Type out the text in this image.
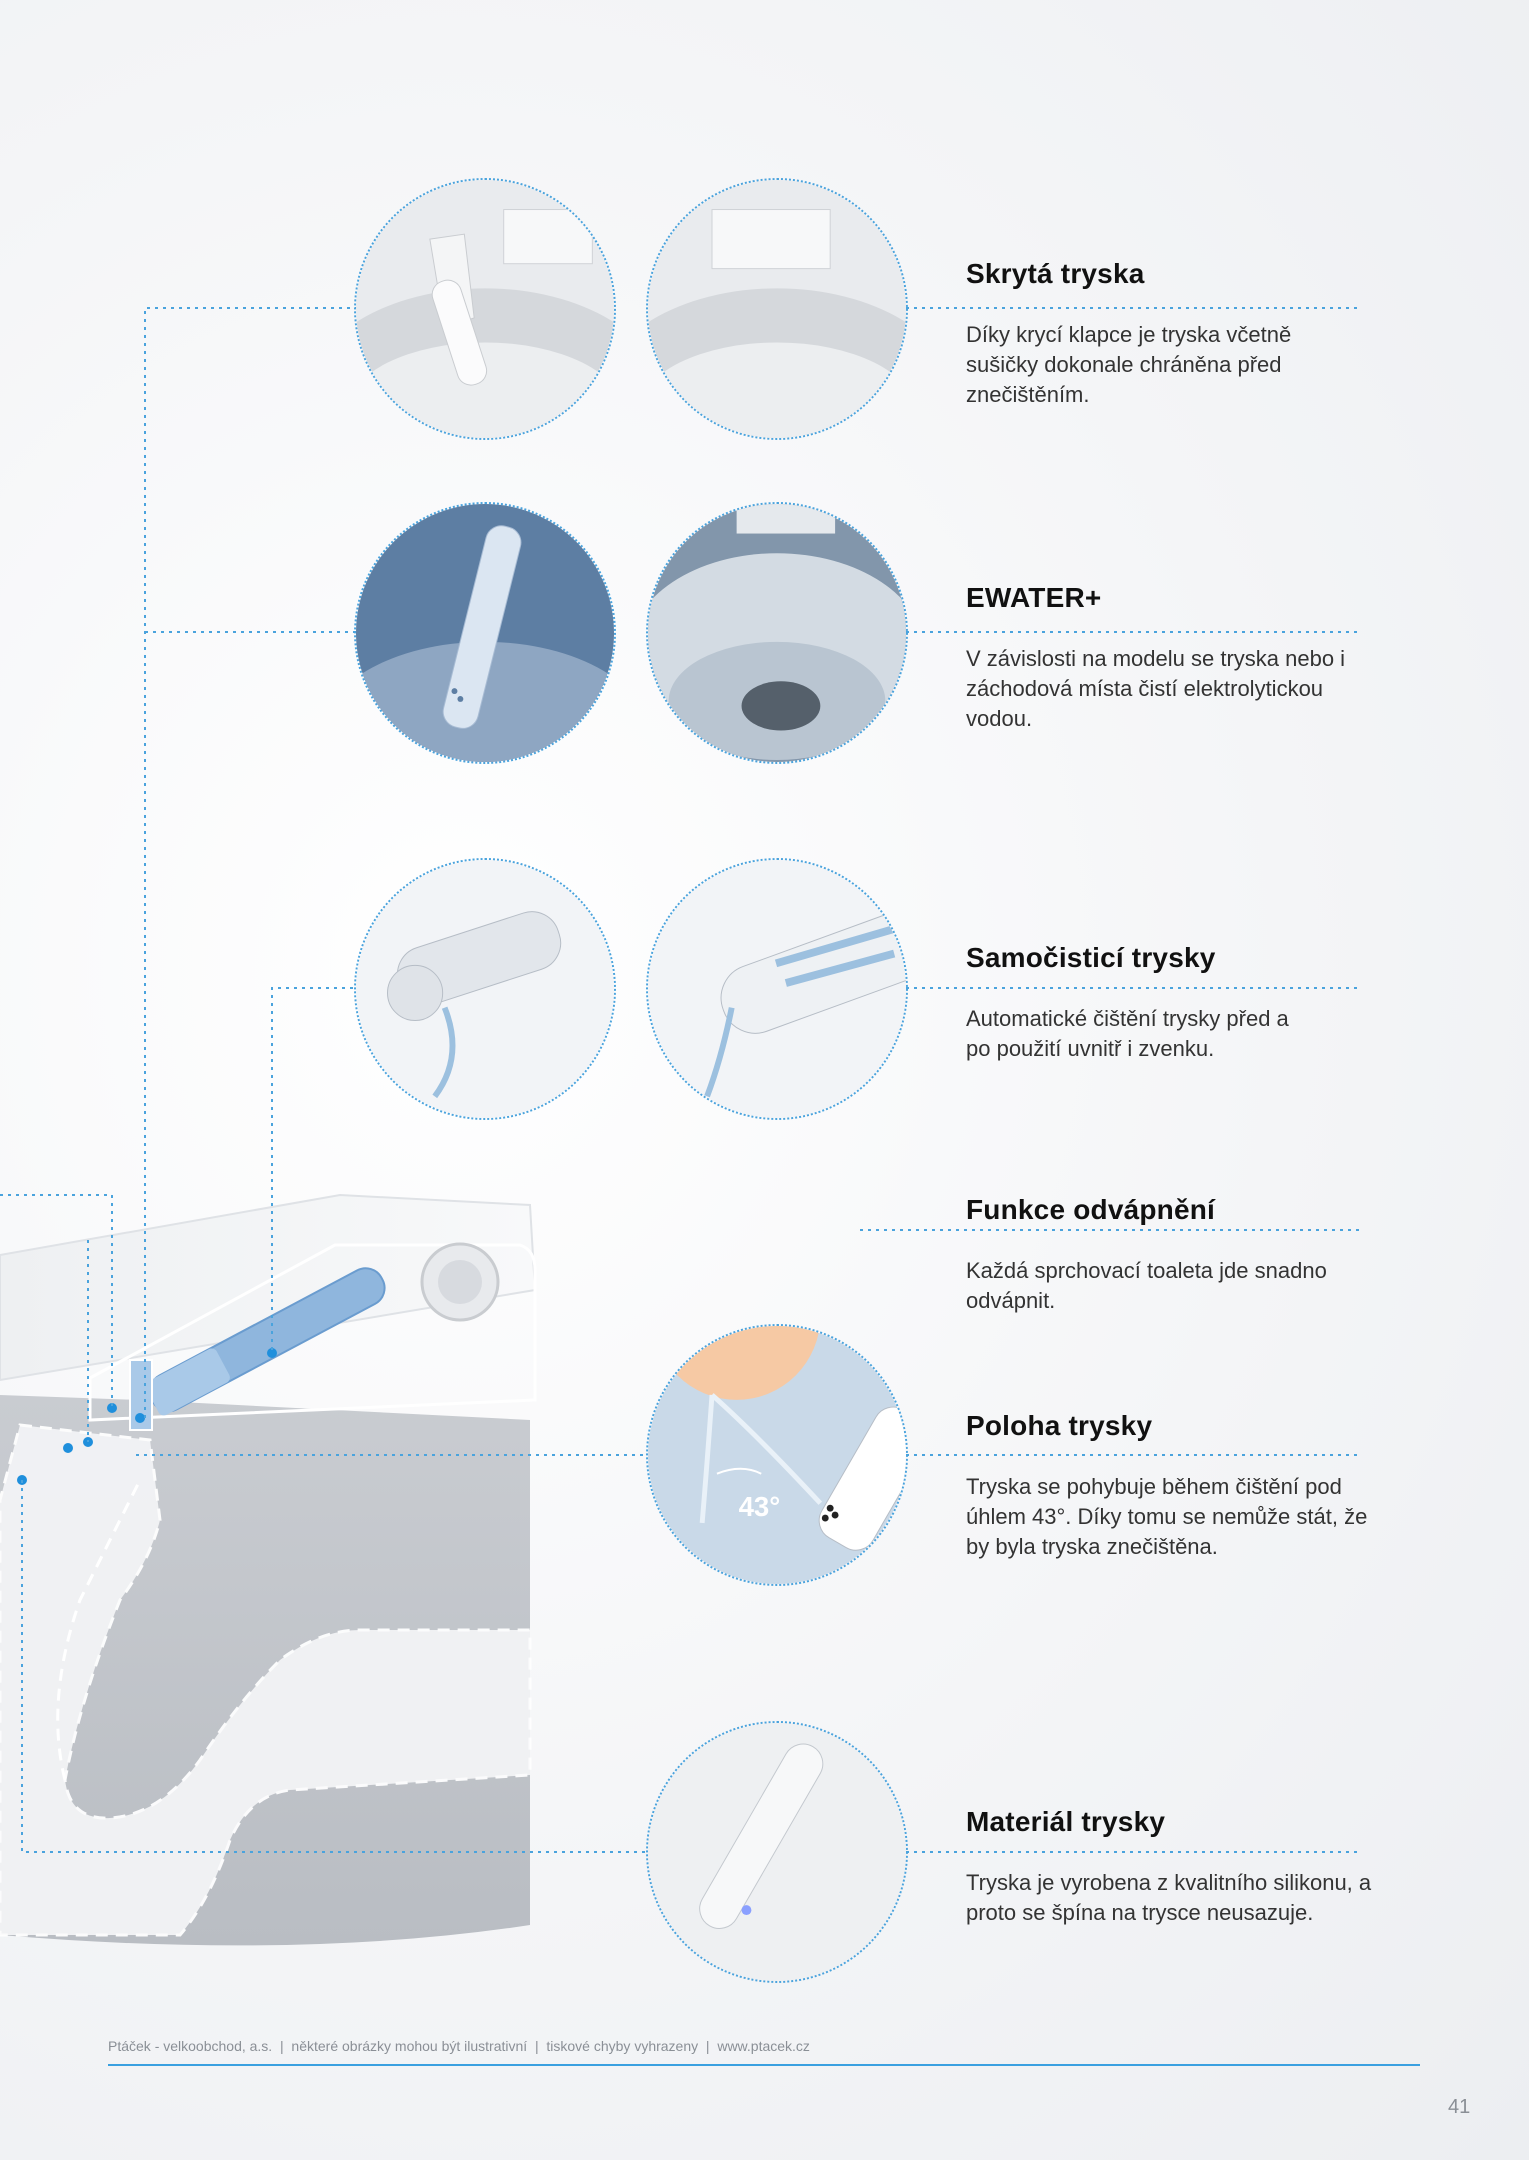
43°
Skrytá tryska

Díky krycí klapce je tryska včetně sušičky dokonale chráněna před znečištěním.

EWATER+

V závislosti na modelu se tryska nebo i záchodová místa čistí elektrolytickou vodou.

Samočisticí trysky

Automatické čištění trysky před a po použití uvnitř i zvenku.

Funkce odvápnění

Každá sprchovací toaleta jde snadno odvápnit.

Poloha trysky

Tryska se pohybuje během čištění pod úhlem 43°. Díky tomu se nemůže stát, že by byla tryska znečištěna.

Materiál trysky

Tryska je vyrobena z kvalitního silikonu, a proto se špína na trysce neusazuje.

Ptáček - velkoobchod, a.s. | některé obrázky mohou být ilustrativní | tiskové chyby vyhrazeny | www.ptacek.cz
41
